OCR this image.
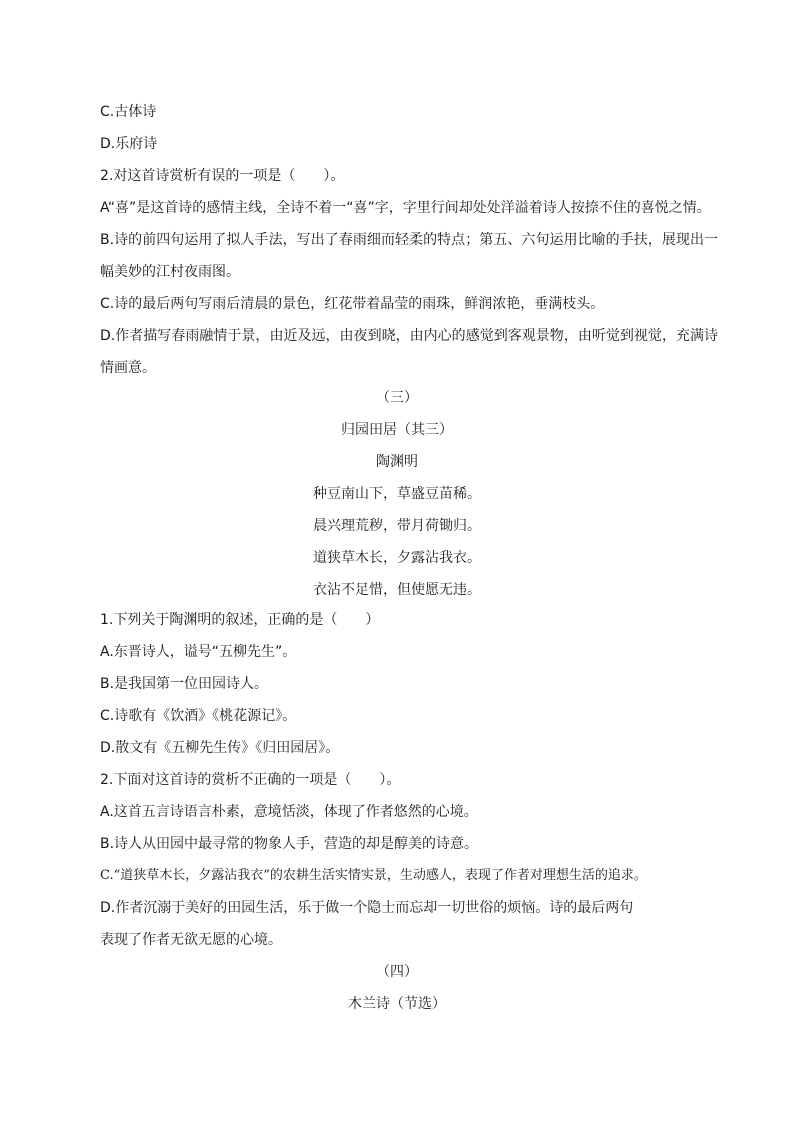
C.古体诗
D.乐府诗
2.对这首诗赏析有误的一项是（　　）。
A“喜”是这首诗的感情主线，全诗不着一“喜”字，字里行间却处处洋溢着诗人按捺不住的喜悦之情。
B.诗的前四句运用了拟人手法，写出了春雨细而轻柔的特点；第五、六句运用比喻的手扶，展现出一幅美妙的江村夜雨图。
C.诗的最后两句写雨后清晨的景色，红花带着晶莹的雨珠，鲜润浓艳，垂满枝头。
D.作者描写春雨融情于景，由近及远，由夜到晓，由内心的感觉到客观景物，由听觉到视觉，充满诗情画意。
（三）
归园田居（其三）
陶渊明
种豆南山下，草盛豆苗稀。
晨兴理荒秽，带月荷锄归。
道狭草木长，夕露沾我衣。
衣沾不足惜，但使愿无违。
1.下列关于陶渊明的叙述，正确的是（　　）
A.东晋诗人，谥号“五柳先生”。
B.是我国第一位田园诗人。
C.诗歌有《饮酒》《桃花源记》。
D.散文有《五柳先生传》《归田园居》。
2.下面对这首诗的赏析不正确的一项是（　　）。
A.这首五言诗语言朴素，意境恬淡，体现了作者悠然的心境。
B.诗人从田园中最寻常的物象人手，营造的却是醇美的诗意。
C.“道狭草木长，夕露沾我衣”的农耕生活实情实景，生动感人，表现了作者对理想生活的追求。
D.作者沉溺于美好的田园生活，乐于做一个隐士而忘却一切世俗的烦恼。诗的最后两句
表现了作者无欲无愿的心境。
（四）
木兰诗（节选）
